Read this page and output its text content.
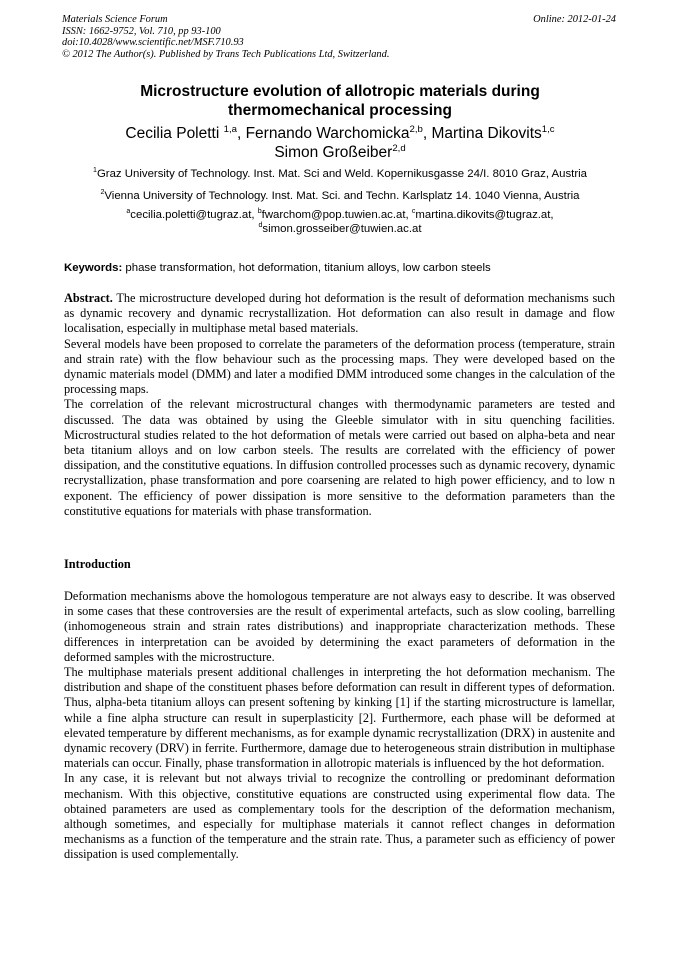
Materials Science Forum
ISSN: 1662-9752, Vol. 710, pp 93-100
doi:10.4028/www.scientific.net/MSF.710.93
© 2012 The Author(s). Published by Trans Tech Publications Ltd, Switzerland.
Online: 2012-01-24
Microstructure evolution of allotropic materials during
thermomechanical processing
Cecilia Poletti $^{1,a}$, Fernando Warchomicka$^{2,b}$, Martina Dikovits$^{1,c}$
Simon Großeiber$^{2,d}$
$^1$Graz University of Technology. Inst. Mat. Sci and Weld. Kopernikusgasse 24/I. 8010 Graz, Austria
$^2$Vienna University of Technology. Inst. Mat. Sci. and Techn. Karlsplatz 14. 1040 Vienna, Austria
$^a$cecilia.poletti@tugraz.at, $^b$fwarchom@pop.tuwien.ac.at, $^c$martina.dikovits@tugraz.at,
$^d$simon.grosseiber@tuwien.ac.at
Keywords: phase transformation, hot deformation, titanium alloys, low carbon steels

Abstract. The microstructure developed during hot deformation is the result of deformation mechanisms such as dynamic recovery and dynamic recrystallization. Hot deformation can also result in damage and flow localisation, especially in multiphase metal based materials.

Several models have been proposed to correlate the parameters of the deformation process (temperature, strain and strain rate) with the flow behaviour such as the processing maps. They were developed based on the dynamic materials model (DMM) and later a modified DMM introduced some changes in the calculation of the processing maps.

The correlation of the relevant microstructural changes with thermodynamic parameters are tested and discussed. The data was obtained by using the Gleeble simulator with in situ quenching facilities. Microstructural studies related to the hot deformation of metals were carried out based on alpha-beta and near beta titanium alloys and on low carbon steels. The results are correlated with the efficiency of power dissipation, and the constitutive equations. In diffusion controlled processes such as dynamic recovery, dynamic recrystallization, phase transformation and pore coarsening are related to high power efficiency, and to low n exponent. The efficiency of power dissipation is more sensitive to the deformation parameters than the constitutive equations for materials with phase transformation.

Introduction

Deformation mechanisms above the homologous temperature are not always easy to describe. It was observed in some cases that these controversies are the result of experimental artefacts, such as slow cooling, barrelling (inhomogeneous strain and strain rates distributions) and inappropriate characterization methods. These differences in interpretation can be avoided by determining the exact parameters of deformation in the deformed samples with the microstructure.

The multiphase materials present additional challenges in interpreting the hot deformation mechanism. The distribution and shape of the constituent phases before deformation can result in different types of deformation. Thus, alpha-beta titanium alloys can present softening by kinking [1] if the starting microstructure is lamellar, while a fine alpha structure can result in superplasticity [2]. Furthermore, each phase will be deformed at elevated temperature by different mechanisms, as for example dynamic recrystallization (DRX) in austenite and dynamic recovery (DRV) in ferrite. Furthermore, damage due to heterogeneous strain distribution in multiphase materials can occur. Finally, phase transformation in allotropic materials is influenced by the hot deformation.

In any case, it is relevant but not always trivial to recognize the controlling or predominant deformation mechanism. With this objective, constitutive equations are constructed using experimental flow data. The obtained parameters are used as complementary tools for the description of the deformation mechanism, although sometimes, and especially for multiphase materials it cannot reflect changes in deformation mechanisms as a function of the temperature and the strain rate. Thus, a parameter such as efficiency of power dissipation is used complementally.
